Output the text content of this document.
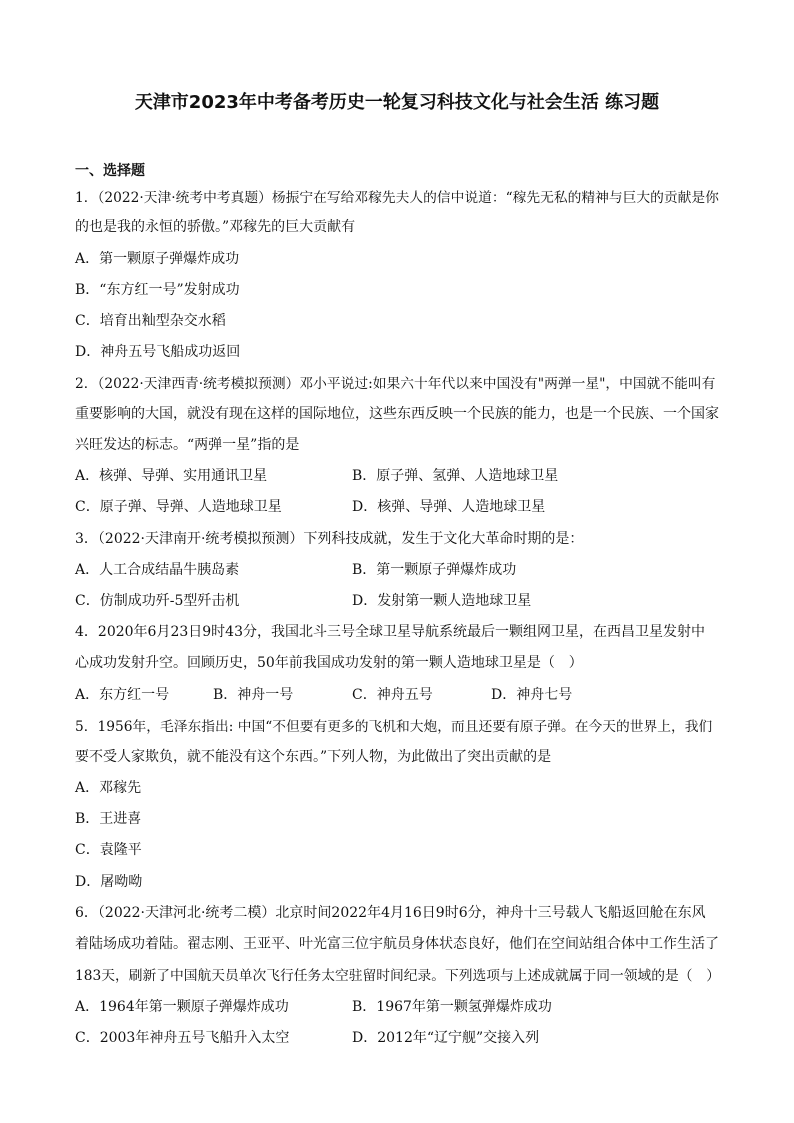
天津市2023年中考备考历史一轮复习科技文化与社会生活 练习题
一、选择题
1．（2022·天津·统考中考真题）杨振宁在写给邓稼先夫人的信中说道：“稼先无私的精神与巨大的贡献是你
的也是我的永恒的骄傲。”邓稼先的巨大贡献有
A．第一颗原子弹爆炸成功
B．“东方红一号”发射成功
C．培育出籼型杂交水稻
D．神舟五号飞船成功返回
2．（2022·天津西青·统考模拟预测）邓小平说过:如果六十年代以来中国没有"两弹一星"，中国就不能叫有
重要影响的大国，就没有现在这样的国际地位，这些东西反映一个民族的能力，也是一个民族、一个国家
兴旺发达的标志。“两弹一星”指的是
A．核弹、导弹、实用通讯卫星	B．原子弹、氢弹、人造地球卫星
C．原子弹、导弹、人造地球卫星	D．核弹、导弹、人造地球卫星
3．（2022·天津南开·统考模拟预测）下列科技成就，发生于文化大革命时期的是：
A．人工合成结晶牛胰岛素	B．第一颗原子弹爆炸成功
C．仿制成功歼-5型歼击机	D．发射第一颗人造地球卫星
4．2020年6月23日9时43分，我国北斗三号全球卫星导航系统最后一颗组网卫星，在西昌卫星发射中
心成功发射升空。回顾历史，50年前我国成功发射的第一颗人造地球卫星是（　）
A．东方红一号	B．神舟一号	C．神舟五号	D．神舟七号
5．1956年，毛泽东指出: 中国“不但要有更多的飞机和大炮，而且还要有原子弹。在今天的世界上，我们
要不受人家欺负，就不能没有这个东西。”下列人物，为此做出了突出贡献的是
A．邓稼先
B．王进喜
C．袁隆平
D．屠呦呦
6．（2022·天津河北·统考二模）北京时间2022年4月16日9时6分，神舟十三号载人飞船返回舱在东风
着陆场成功着陆。翟志刚、王亚平、叶光富三位宇航员身体状态良好，他们在空间站组合体中工作生活了
183天，刷新了中国航天员单次飞行任务太空驻留时间纪录。下列选项与上述成就属于同一领域的是（　）
A．1964年第一颗原子弹爆炸成功	B．1967年第一颗氢弹爆炸成功
C．2003年神舟五号飞船升入太空	D．2012年“辽宁舰”交接入列
